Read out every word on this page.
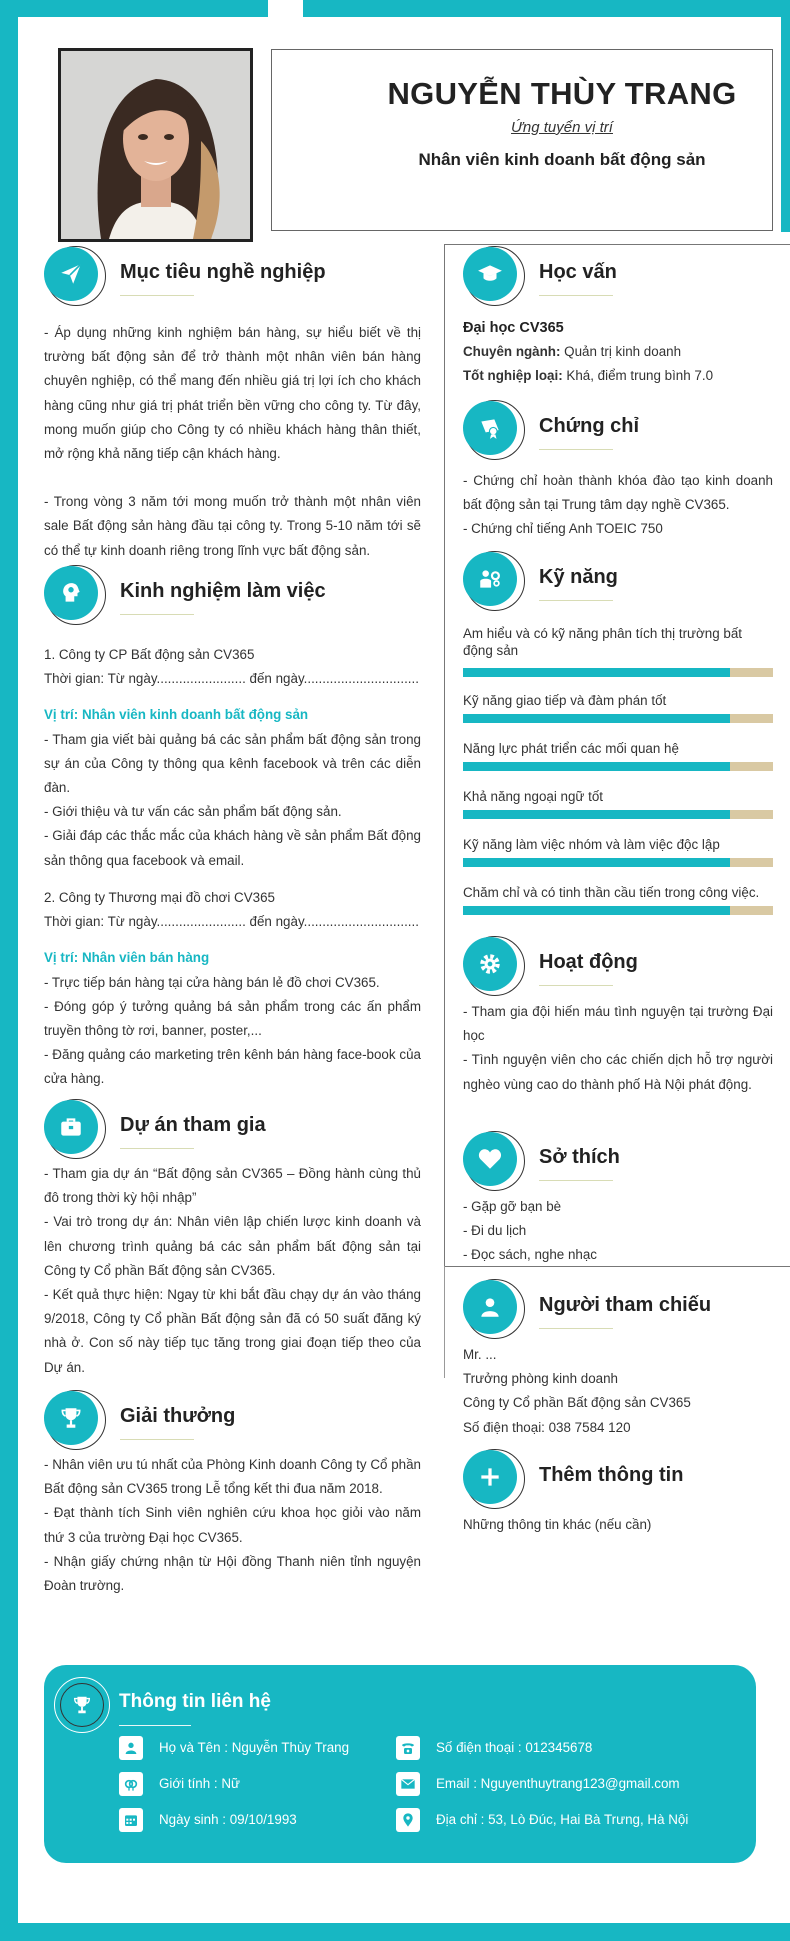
NGUYỄN THÙY TRANG
Ứng tuyển vị trí
Nhân viên kinh doanh bất động sản
Mục tiêu nghề nghiệp
- Áp dụng những kinh nghiệm bán hàng, sự hiểu biết về thị trường bất động sản để trở thành một nhân viên bán hàng chuyên nghiệp, có thể mang đến nhiều giá trị lợi ích cho khách hàng cũng như giá trị phát triển bền vững cho công ty. Từ đây, mong muốn giúp cho Công ty có nhiều khách hàng thân thiết, mở rộng khả năng tiếp cận khách hàng.
- Trong vòng 3 năm tới mong muốn trở thành một nhân viên sale Bất động sản hàng đầu tại công ty. Trong 5-10 năm tới sẽ có thể tự kinh doanh riêng trong lĩnh vực bất động sản.
Kinh nghiệm làm việc
1. Công ty CP Bất động sản CV365
Thời gian: Từ ngày........................ đến ngày...............................
Vị trí: Nhân viên kinh doanh bất động sản
- Tham gia viết bài quảng bá các sản phẩm bất động sản trong sự án của Công ty thông qua kênh facebook và trên các diễn đàn.
- Giới thiệu và tư vấn các sản phẩm bất động sản.
- Giải đáp các thắc mắc của khách hàng về sản phẩm Bất động sản thông qua facebook và email.
2. Công ty Thương mại đồ chơi CV365
Thời gian: Từ ngày........................ đến ngày...............................
Vị trí: Nhân viên bán hàng
- Trực tiếp bán hàng tại cửa hàng bán lẻ đồ chơi CV365.
- Đóng góp ý tưởng quảng bá sản phẩm trong các ấn phẩm truyền thông tờ rơi, banner, poster,...
- Đăng quảng cáo marketing trên kênh bán hàng face-book của cửa hàng.
Dự án tham gia
- Tham gia dự án “Bất động sản CV365 – Đồng hành cùng thủ đô trong thời kỳ hội nhập”
- Vai trò trong dự án: Nhân viên lập chiến lược kinh doanh và lên chương trình quảng bá các sản phẩm bất động sản tại Công ty Cổ phần Bất động sản CV365.
- Kết quả thực hiện: Ngay từ khi bắt đầu chạy dự án vào tháng 9/2018, Công ty Cổ phần Bất động sản đã có 50 suất đăng ký nhà ở. Con số này tiếp tục tăng trong giai đoạn tiếp theo của Dự án.
Giải thưởng
- Nhân viên ưu tú nhất của Phòng Kinh doanh Công ty Cổ phần Bất động sản CV365 trong Lễ tổng kết thi đua năm 2018.
- Đạt thành tích Sinh viên nghiên cứu khoa học giỏi vào năm thứ 3 của trường Đại học CV365.
- Nhận giấy chứng nhận từ Hội đồng Thanh niên tỉnh nguyện Đoàn trường.
Học vấn
Đại học CV365
Chuyên ngành: Quản trị kinh doanh
Tốt nghiệp loại: Khá, điểm trung bình 7.0
Chứng chỉ
- Chứng chỉ hoàn thành khóa đào tạo kinh doanh bất động sản tại Trung tâm dạy nghề CV365.
- Chứng chỉ tiếng Anh TOEIC 750
Kỹ năng
Am hiểu và có kỹ năng phân tích thị trường bất động sản
Kỹ năng giao tiếp và đàm phán tốt
Năng lực phát triển các mối quan hệ
Khả năng ngoại ngữ tốt
Kỹ năng làm việc nhóm và làm việc độc lập
Chăm chỉ và có tinh thần cầu tiến trong công việc.
Hoạt động
- Tham gia đội hiến máu tình nguyện tại trường Đại học
- Tình nguyện viên cho các chiến dịch hỗ trợ người nghèo vùng cao do thành phố Hà Nội phát động.
Sở thích
- Gặp gỡ bạn bè
- Đi du lịch
- Đọc sách, nghe nhạc
Người tham chiếu
Mr. ...
Trưởng phòng kinh doanh
Công ty Cổ phần Bất động sản CV365
Số điện thoại: 038 7584 120
Thêm thông tin
Những thông tin khác (nếu cần)
Thông tin liên hệ
Họ và Tên : Nguyễn Thùy Trang
Giới tính : Nữ
Ngày sinh : 09/10/1993
Số điện thoại : 012345678
Email : Nguyenthuytrang123@gmail.com
Địa chỉ : 53, Lò Đúc, Hai Bà Trưng, Hà Nội
